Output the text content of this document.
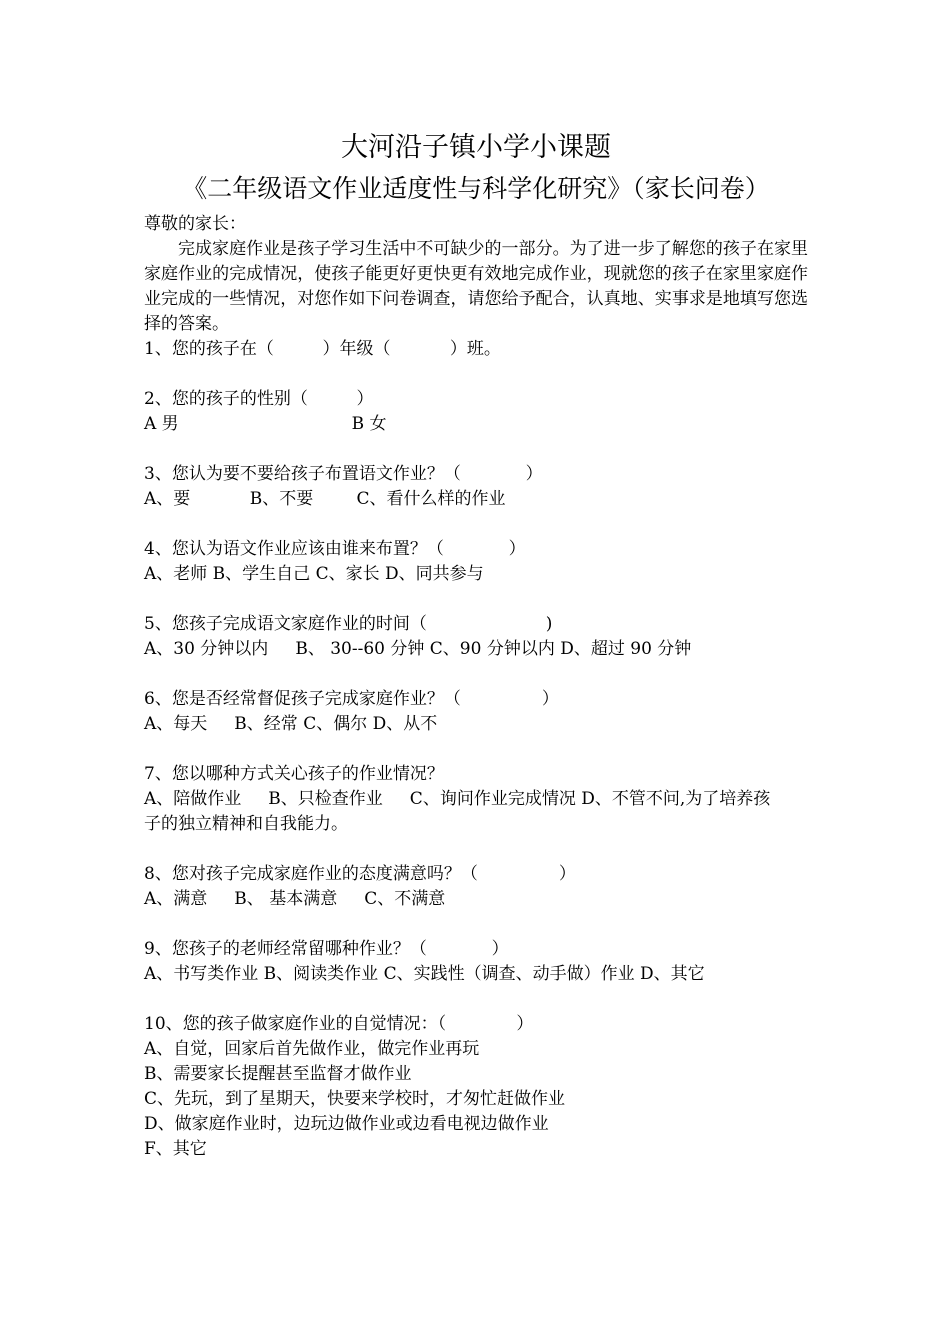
大河沿子镇小学小课题
《二年级语文作业适度性与科学化研究》（家长问卷）
尊敬的家长：
完成家庭作业是孩子学习生活中不可缺少的一部分。为了进一步了解您的孩子在家里家庭作业的完成情况，使孩子能更好更快更有效地完成作业，现就您的孩子在家里家庭作业完成的一些情况，对您作如下问卷调查，请您给予配合，认真地、实事求是地填写您选择的答案。
1、您的孩子在（         ）年级（           ）班。
2、您的孩子的性别（         ）
A 男                                B 女
3、您认为要不要给孩子布置语文作业？（            ）
A、要           B、不要        C、看什么样的作业
4、您认为语文作业应该由谁来布置？（            ）
A、老师 B、学生自己 C、家长 D、同共参与
5、您孩子完成语文家庭作业的时间（                      )
A、30 分钟以内     B、 30--60 分钟 C、90 分钟以内 D、超过 90 分钟
6、您是否经常督促孩子完成家庭作业？（               ）
A、每天     B、经常 C、偶尔 D、从不
7、您以哪种方式关心孩子的作业情况？
A、陪做作业     B、只检查作业     C、询问作业完成情况 D、不管不问,为了培养孩
子的独立精神和自我能力。
8、您对孩子完成家庭作业的态度满意吗？（               ）
A、满意     B、 基本满意     C、不满意
9、您孩子的老师经常留哪种作业？（            ）
A、书写类作业 B、阅读类作业 C、实践性（调查、动手做）作业 D、其它
10、您的孩子做家庭作业的自觉情况：（             ）
A、自觉，回家后首先做作业，做完作业再玩
B、需要家长提醒甚至监督才做作业
C、先玩，到了星期天，快要来学校时，才匆忙赶做作业
D、做家庭作业时，边玩边做作业或边看电视边做作业
F、其它
